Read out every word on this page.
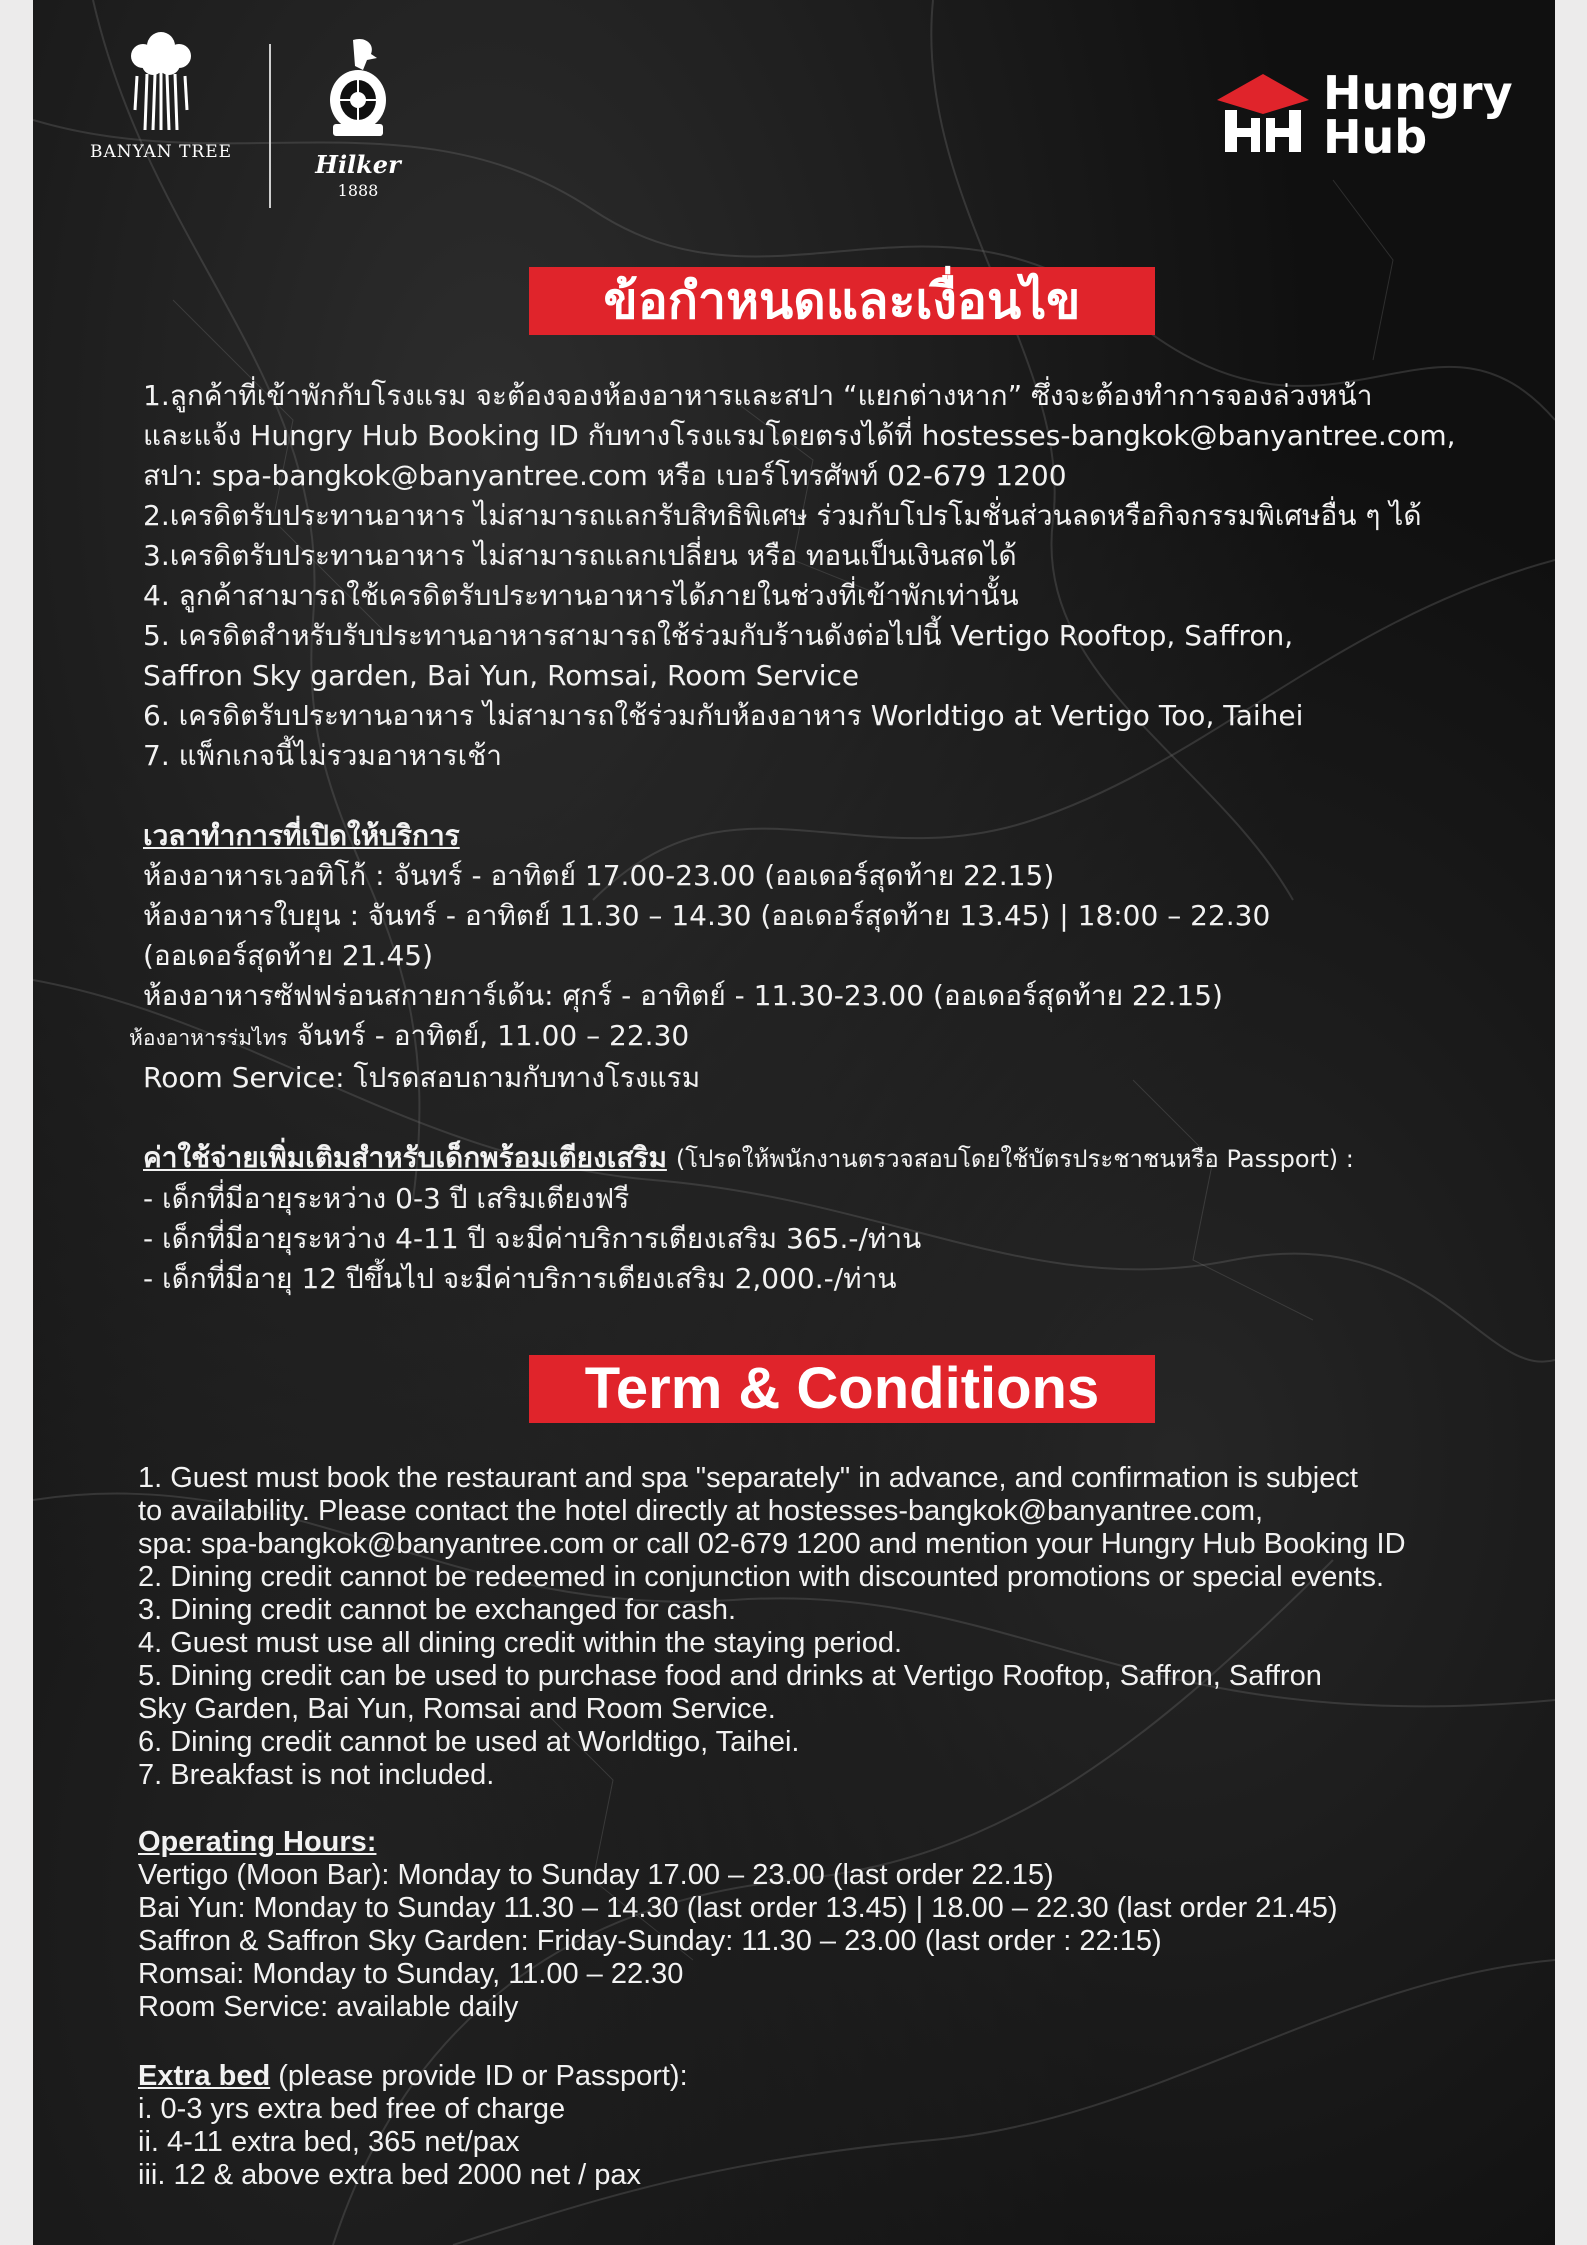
BANYAN TREE	Hilker
1888
Hungry
Hub
ข้อกำหนดและเงื่อนไข
1.ลูกค้าที่เข้าพักกับโรงแรม จะต้องจองห้องอาหารและสปา “แยกต่างหาก” ซึ่งจะต้องทำการจองล่วงหน้า
และแจ้ง Hungry Hub Booking ID กับทางโรงแรมโดยตรงได้ที่ hostesses-bangkok@banyantree.com,
สปา: spa-bangkok@banyantree.com หรือ เบอร์โทรศัพท์ 02-679 1200
2.เครดิตรับประทานอาหาร ไม่สามารถแลกรับสิทธิพิเศษ ร่วมกับโปรโมชั่นส่วนลดหรือกิจกรรมพิเศษอื่น ๆ ได้
3.เครดิตรับประทานอาหาร ไม่สามารถแลกเปลี่ยน หรือ ทอนเป็นเงินสดได้
4. ลูกค้าสามารถใช้เครดิตรับประทานอาหารได้ภายในช่วงที่เข้าพักเท่านั้น
5. เครดิตสำหรับรับประทานอาหารสามารถใช้ร่วมกับร้านดังต่อไปนี้ Vertigo Rooftop, Saffron,
Saffron Sky garden, Bai Yun, Romsai, Room Service
6. เครดิตรับประทานอาหาร ไม่สามารถใช้ร่วมกับห้องอาหาร Worldtigo at Vertigo Too, Taihei
7. แพ็กเกจนี้ไม่รวมอาหารเช้า
เวลาทำการที่เปิดให้บริการ
ห้องอาหารเวอทิโก้ : จันทร์ - อาทิตย์ 17.00-23.00 (ออเดอร์สุดท้าย 22.15)
ห้องอาหารใบยุน : จันทร์ - อาทิตย์ 11.30 – 14.30 (ออเดอร์สุดท้าย 13.45) | 18:00 – 22.30
(ออเดอร์สุดท้าย 21.45)
ห้องอาหารซัฟฟร่อนสกายการ์เด้น: ศุกร์ - อาทิตย์ - 11.30-23.00 (ออเดอร์สุดท้าย 22.15)
ห้องอาหารร่มไทร จันทร์ - อาทิตย์, 11.00 – 22.30
Room Service: โปรดสอบถามกับทางโรงแรม
ค่าใช้จ่ายเพิ่มเติมสำหรับเด็กพร้อมเตียงเสริม (โปรดให้พนักงานตรวจสอบโดยใช้บัตรประชาชนหรือ Passport) :
- เด็กที่มีอายุระหว่าง 0-3 ปี เสริมเตียงฟรี
- เด็กที่มีอายุระหว่าง 4-11 ปี จะมีค่าบริการเตียงเสริม 365.-/ท่าน
- เด็กที่มีอายุ 12 ปีขึ้นไป จะมีค่าบริการเตียงเสริม 2,000.-/ท่าน
Term & Conditions
1. Guest must book the restaurant and spa "separately" in advance, and confirmation is subject
to availability. Please contact the hotel directly at hostesses-bangkok@banyantree.com,
spa: spa-bangkok@banyantree.com or call 02-679 1200 and mention your Hungry Hub Booking ID
2. Dining credit cannot be redeemed in conjunction with discounted promotions or special events.
3. Dining credit cannot be exchanged for cash.
4. Guest must use all dining credit within the staying period.
5. Dining credit can be used to purchase food and drinks at Vertigo Rooftop, Saffron, Saffron
Sky Garden, Bai Yun, Romsai and Room Service.
6. Dining credit cannot be used at Worldtigo, Taihei.
7. Breakfast is not included.
Operating Hours:
Vertigo (Moon Bar): Monday to Sunday 17.00 – 23.00 (last order 22.15)
Bai Yun: Monday to Sunday 11.30 – 14.30 (last order 13.45) | 18.00 – 22.30 (last order 21.45)
Saffron & Saffron Sky Garden: Friday-Sunday: 11.30 – 23.00 (last order : 22:15)
Romsai: Monday to Sunday, 11.00 – 22.30
Room Service: available daily
Extra bed (please provide ID or Passport):
i. 0-3 yrs extra bed free of charge
ii. 4-11 extra bed, 365 net/pax
iii. 12 & above extra bed 2000 net / pax
